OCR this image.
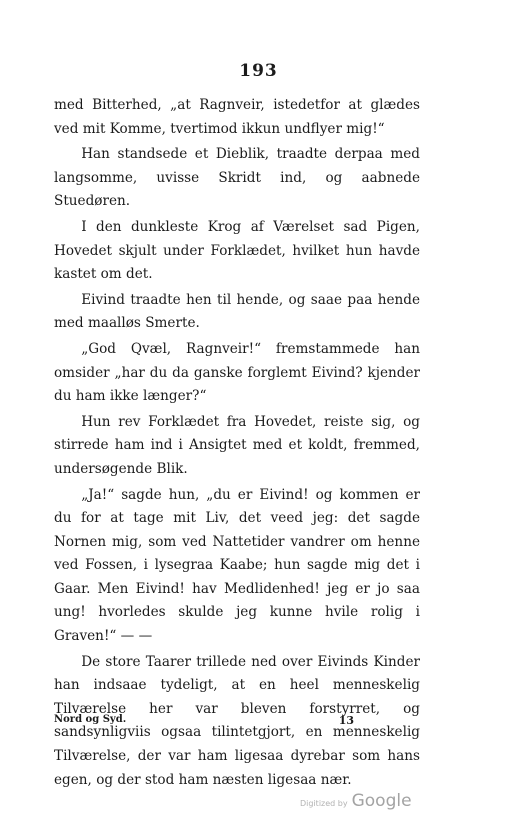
193

med Bitterhed, „at Ragnveir, istedetfor at glædes ved mit Komme, tvertimod ikkun undflyer mig!“

Han standsede et Dieblik, traadte derpaa med langsomme, uvisse Skridt ind, og aabnede Stuedøren.

I den dunkleste Krog af Værelset sad Pigen, Hovedet skjult under Forklædet, hvilket hun havde kastet om det.

Eivind traadte hen til hende, og saae paa hende med maalløs Smerte.

„God Qvæl, Ragnveir!“ fremstammede han omsider „har du da ganske forglemt Eivind? kjender du ham ikke længer?“

Hun rev Forklædet fra Hovedet, reiste sig, og stirrede ham ind i Ansigtet med et koldt, fremmed, undersøgende Blik.

„Ja!“ sagde hun, „du er Eivind! og kommen er du for at tage mit Liv, det veed jeg: det sagde Nornen mig, som ved Nattetider vandrer om henne ved Fossen, i lysegraa Kaabe; hun sagde mig det i Gaar. Men Eivind! hav Medlidenhed! jeg er jo saa ung! hvorledes skulde jeg kunne hvile rolig i Graven!“ — —

De store Taarer trillede ned over Eivinds Kinder han indsaae tydeligt, at en heel menneskelig Tilværelse her var bleven forstyrret, og sandsynligviis ogsaa tilintetgjort, en menneskelig Tilværelse, der var ham ligesaa dyrebar som hans egen, og der stod ham næsten ligesaa nær.

Nord og Syd.	13
Digitized by Google
